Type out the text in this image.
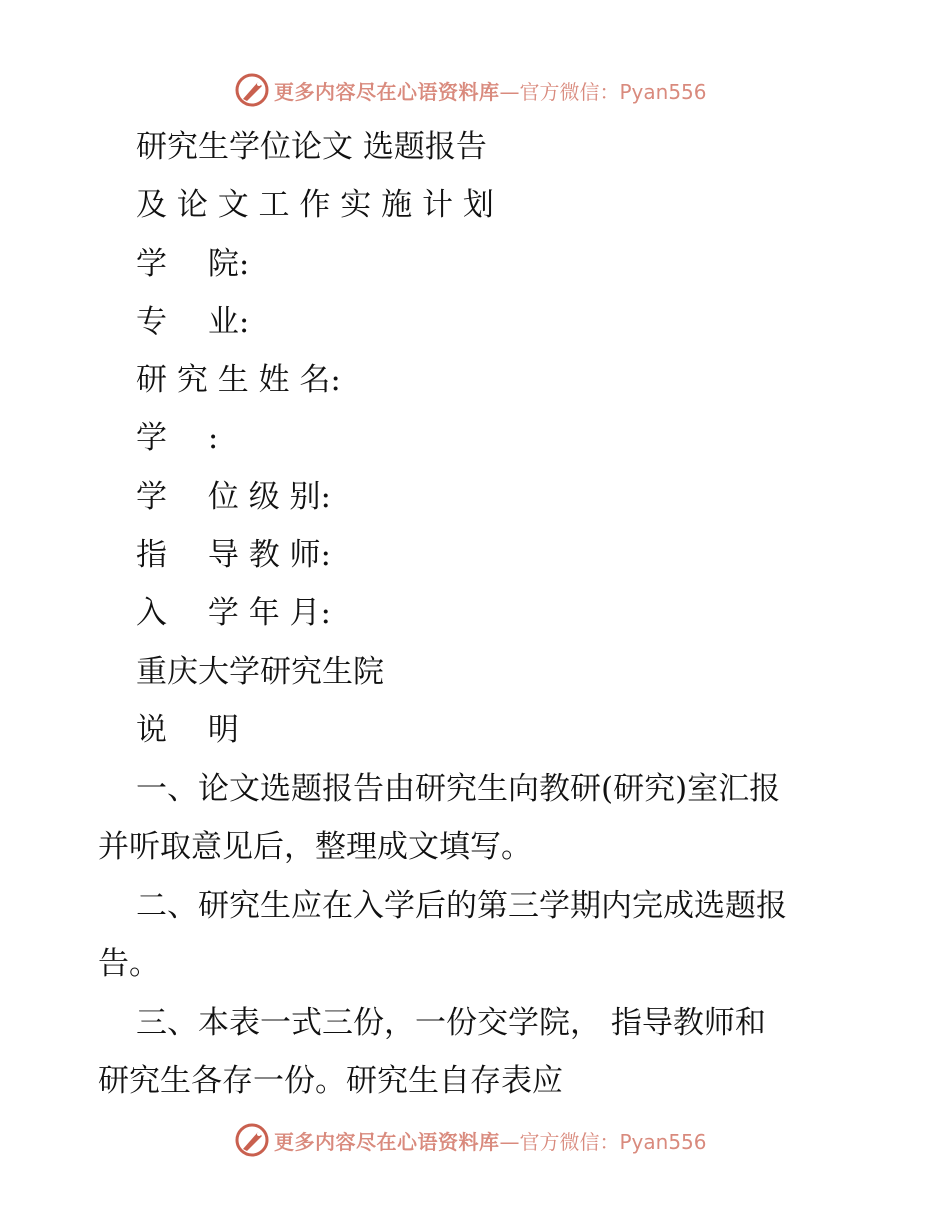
更多内容尽在心语资料库 —官方微信：Pyan556
研究生学位论文 选题报告
及 论 文 工 作 实 施 计 划
学　 院:
专　 业:
研 究 生 姓 名:
学　 :
学　 位 级 别:
指　 导 教 师:
入　 学 年 月:
重庆大学研究生院
说　 明
一、论文选题报告由研究生向教研(研究)室汇报
并听取意见后，整理成文填写。
二、研究生应在入学后的第三学期内完成选题报
告。
三、本表一式三份，一份交学院， 指导教师和
研究生各存一份。研究生自存表应
更多内容尽在心语资料库 —官方微信：Pyan556
